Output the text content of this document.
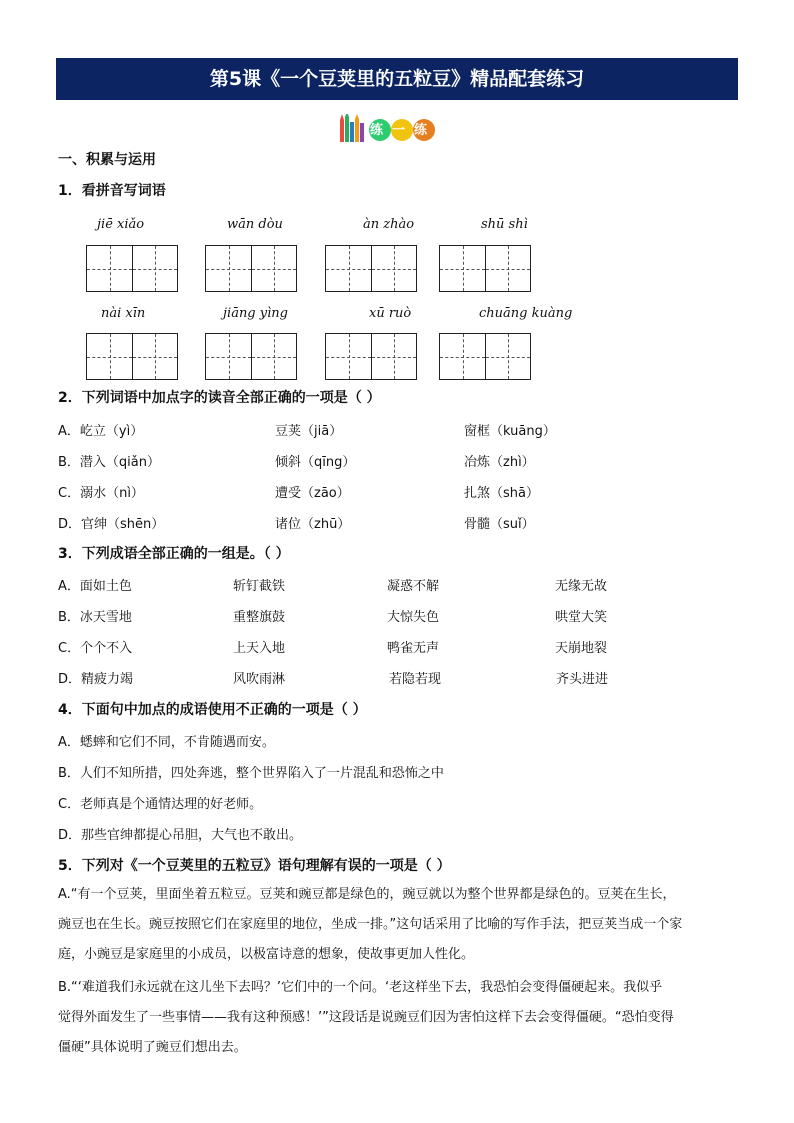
第5课《一个豆荚里的五粒豆》精品配套练习
练一练
一、积累与运用
1．看拼音写词语
jiē xiǎo	wān dòu	àn zhào	shū shì
nài xīn	jiāng yìng	xū ruò	chuāng kuàng
2．下列词语中加点字的读音全部正确的一项是（ ）
A．屹立（yì）	豆荚（jiā）	窗框（kuāng）
B．潜入（qiǎn）	倾斜（qīng）	冶炼（zhì）
C．溺水（nì）	遭受（zāo）	扎煞（shā）
D．官绅（shēn）	诸位（zhū）	骨髓（suǐ）
3．下列成语全部正确的一组是。（ ）
A．面如土色	斩钉截铁	凝惑不解	无缘无故
B．冰天雪地	重整旗鼓	大惊失色	哄堂大笑
C．个个不入	上天入地	鸭雀无声	天崩地裂
D．精疲力竭	风吹雨淋	若隐若现	齐头进进
4．下面句中加点的成语使用不正确的一项是（ ）
A．蟋蟀和它们不同，不肯随遇而安。
B．人们不知所措，四处奔逃，整个世界陷入了一片混乱和恐怖之中
C．老师真是个通情达理的好老师。
D．那些官绅都提心吊胆，大气也不敢出。
5．下列对《一个豆荚里的五粒豆》语句理解有误的一项是（ ）
A.“有一个豆荚，里面坐着五粒豆。豆荚和豌豆都是绿色的，豌豆就以为整个世界都是绿色的。豆荚在生长，
豌豆也在生长。豌豆按照它们在家庭里的地位，坐成一排。”这句话采用了比喻的写作手法，把豆荚当成一个家
庭，小豌豆是家庭里的小成员，以极富诗意的想象，使故事更加人性化。
B.“‘难道我们永远就在这儿坐下去吗？’它们中的一个问。‘老这样坐下去，我恐怕会变得僵硬起来。我似乎
觉得外面发生了一些事情——我有这种预感！’”这段话是说豌豆们因为害怕这样下去会变得僵硬。“恐怕变得
僵硬”具体说明了豌豆们想出去。
